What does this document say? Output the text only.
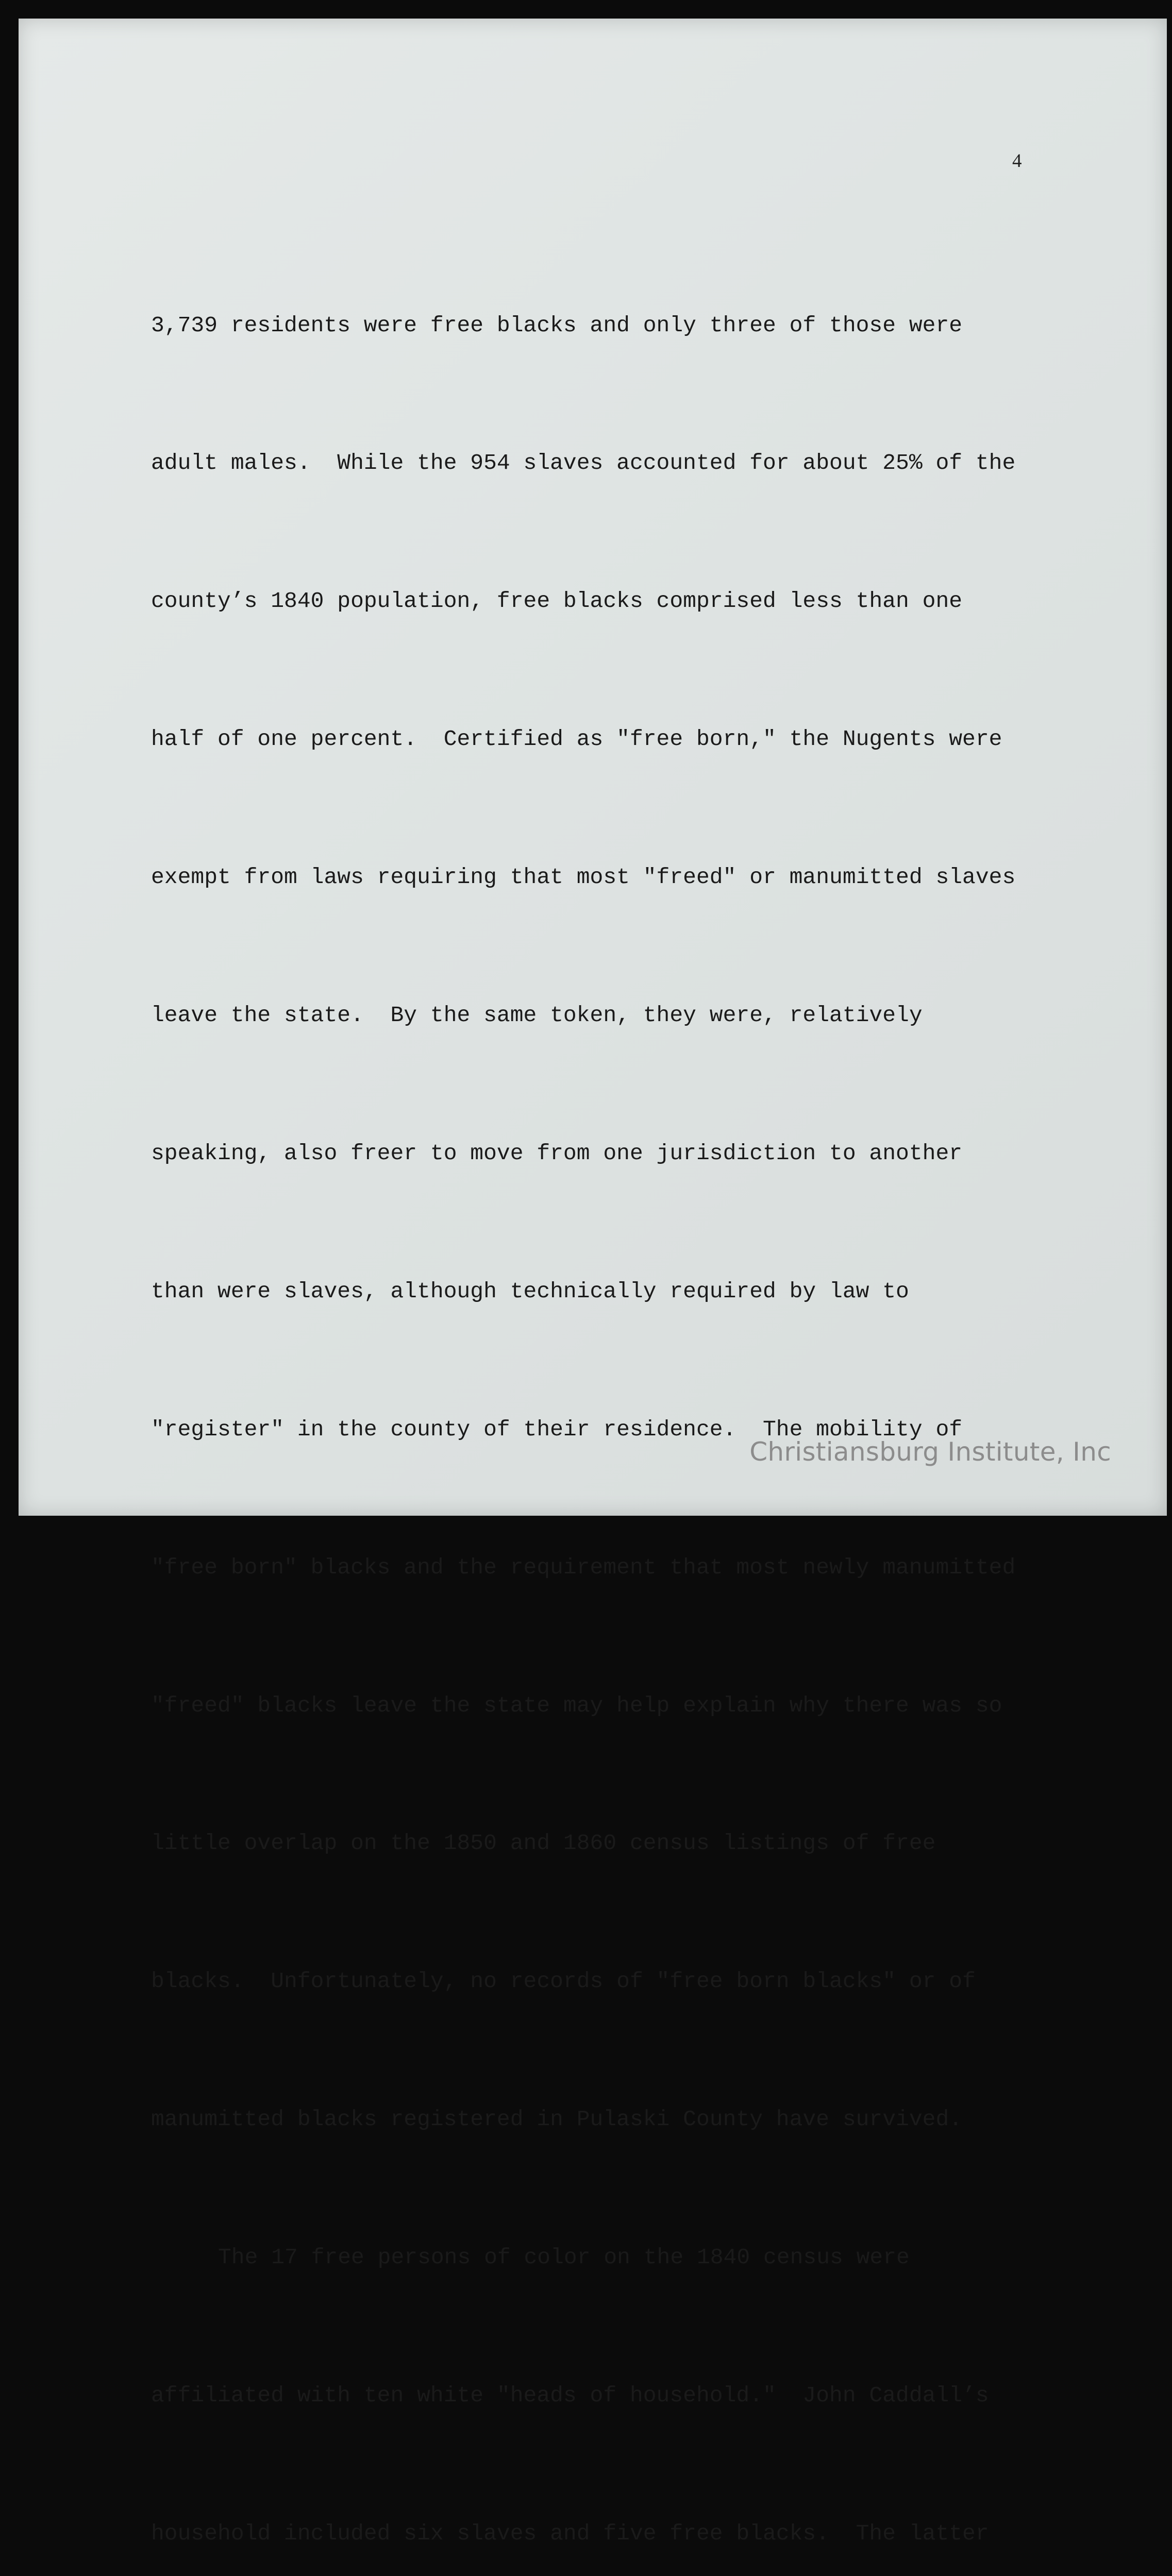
4

3,739 residents were free blacks and only three of those were

adult males.  While the 954 slaves accounted for about 25% of the

county’s 1840 population, free blacks comprised less than one

half of one percent.  Certified as "free born," the Nugents were

exempt from laws requiring that most "freed" or manumitted slaves

leave the state.  By the same token, they were, relatively

speaking, also freer to move from one jurisdiction to another

than were slaves, although technically required by law to

"register" in the county of their residence.  The mobility of

"free born" blacks and the requirement that most newly manumitted

"freed" blacks leave the state may help explain why there was so

little overlap on the 1850 and 1860 census listings of free

blacks.  Unfortunately, no records of "free born blacks" or of

manumitted blacks registered in Pulaski County have survived.

The 17 free persons of color on the 1840 census were

affiliated with ten white "heads of household."  John Caddall’s

household included six slaves and five free blacks.  The latter

Christiansburg Institute, Inc
